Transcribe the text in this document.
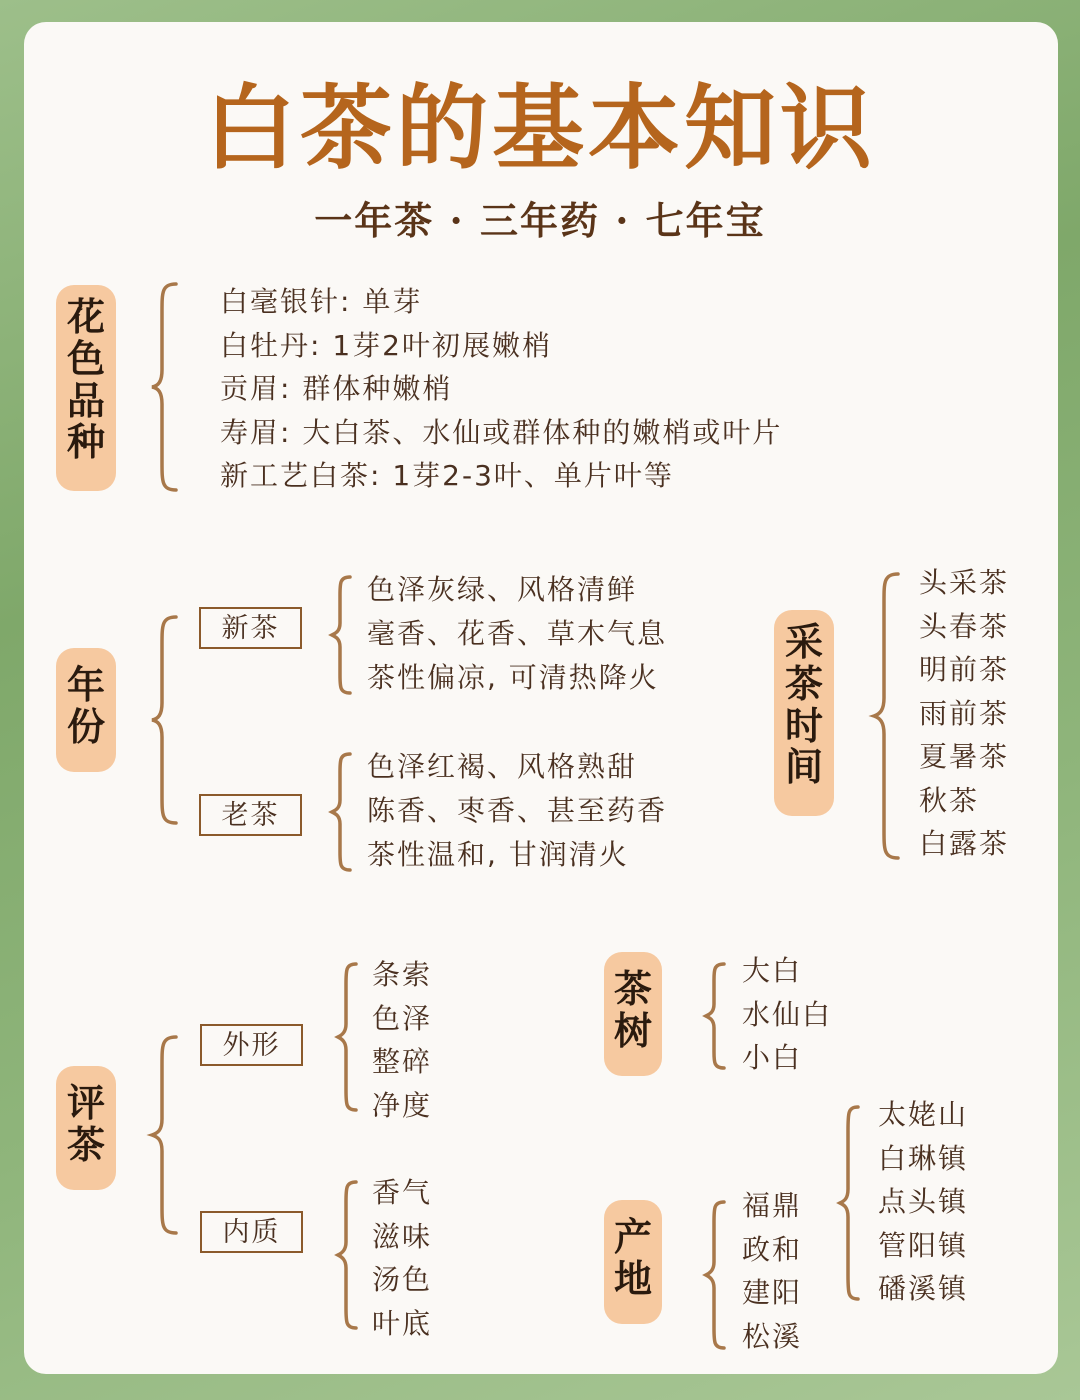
白茶的基本知识
一年茶 · 三年药 · 七年宝
花色品种
白毫银针: 单芽
白牡丹: 1芽2叶初展嫩梢
贡眉: 群体种嫩梢
寿眉: 大白茶、水仙或群体种的嫩梢或叶片
新工艺白茶: 1芽2-3叶、单片叶等
年份
新茶
色泽灰绿、风格清鲜
毫香、花香、草木气息
茶性偏凉, 可清热降火
老茶
色泽红褐、风格熟甜
陈香、枣香、甚至药香
茶性温和, 甘润清火
采茶时间
头采茶
头春茶
明前茶
雨前茶
夏暑茶
秋茶
白露茶
评茶
外形
条索
色泽
整碎
净度
内质
香气
滋味
汤色
叶底
茶树
大白
水仙白
小白
产地
福鼎
政和
建阳
松溪
太姥山
白琳镇
点头镇
管阳镇
磻溪镇
